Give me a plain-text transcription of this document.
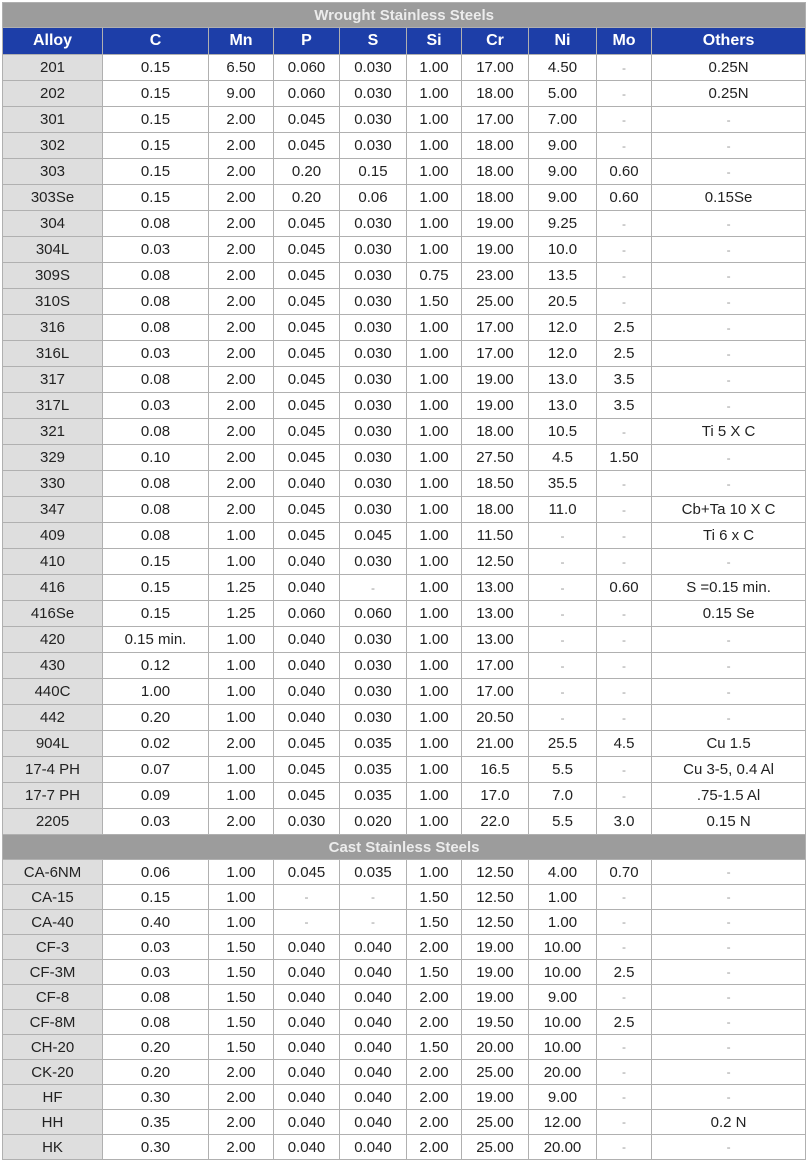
Wrought Stainless Steels									
Alloy	C	Mn	P	S	Si	Cr	Ni	Mo	Others
201	0.15	6.50	0.060	0.030	1.00	17.00	4.50	-	0.25N
202	0.15	9.00	0.060	0.030	1.00	18.00	5.00	-	0.25N
301	0.15	2.00	0.045	0.030	1.00	17.00	7.00	-	-
302	0.15	2.00	0.045	0.030	1.00	18.00	9.00	-	-
303	0.15	2.00	0.20	0.15	1.00	18.00	9.00	0.60	-
303Se	0.15	2.00	0.20	0.06	1.00	18.00	9.00	0.60	0.15Se
304	0.08	2.00	0.045	0.030	1.00	19.00	9.25	-	-
304L	0.03	2.00	0.045	0.030	1.00	19.00	10.0	-	-
309S	0.08	2.00	0.045	0.030	0.75	23.00	13.5	-	-
310S	0.08	2.00	0.045	0.030	1.50	25.00	20.5	-	-
316	0.08	2.00	0.045	0.030	1.00	17.00	12.0	2.5	-
316L	0.03	2.00	0.045	0.030	1.00	17.00	12.0	2.5	-
317	0.08	2.00	0.045	0.030	1.00	19.00	13.0	3.5	-
317L	0.03	2.00	0.045	0.030	1.00	19.00	13.0	3.5	-
321	0.08	2.00	0.045	0.030	1.00	18.00	10.5	-	Ti 5 X C
329	0.10	2.00	0.045	0.030	1.00	27.50	4.5	1.50	-
330	0.08	2.00	0.040	0.030	1.00	18.50	35.5	-	-
347	0.08	2.00	0.045	0.030	1.00	18.00	11.0	-	Cb+Ta 10 X C
409	0.08	1.00	0.045	0.045	1.00	11.50	-	-	Ti 6 x C
410	0.15	1.00	0.040	0.030	1.00	12.50	-	-	-
416	0.15	1.25	0.040	-	1.00	13.00	-	0.60	S =0.15 min.
416Se	0.15	1.25	0.060	0.060	1.00	13.00	-	-	0.15 Se
420	0.15 min.	1.00	0.040	0.030	1.00	13.00	-	-	-
430	0.12	1.00	0.040	0.030	1.00	17.00	-	-	-
440C	1.00	1.00	0.040	0.030	1.00	17.00	-	-	-
442	0.20	1.00	0.040	0.030	1.00	20.50	-	-	-
904L	0.02	2.00	0.045	0.035	1.00	21.00	25.5	4.5	Cu 1.5
17-4 PH	0.07	1.00	0.045	0.035	1.00	16.5	5.5	-	Cu 3-5, 0.4 Al
17-7 PH	0.09	1.00	0.045	0.035	1.00	17.0	7.0	-	.75-1.5 Al
2205	0.03	2.00	0.030	0.020	1.00	22.0	5.5	3.0	0.15 N
Cast Stainless Steels									
CA-6NM	0.06	1.00	0.045	0.035	1.00	12.50	4.00	0.70	-
CA-15	0.15	1.00	-	-	1.50	12.50	1.00	-	-
CA-40	0.40	1.00	-	-	1.50	12.50	1.00	-	-
CF-3	0.03	1.50	0.040	0.040	2.00	19.00	10.00	-	-
CF-3M	0.03	1.50	0.040	0.040	1.50	19.00	10.00	2.5	-
CF-8	0.08	1.50	0.040	0.040	2.00	19.00	9.00	-	-
CF-8M	0.08	1.50	0.040	0.040	2.00	19.50	10.00	2.5	-
CH-20	0.20	1.50	0.040	0.040	1.50	20.00	10.00	-	-
CK-20	0.20	2.00	0.040	0.040	2.00	25.00	20.00	-	-
HF	0.30	2.00	0.040	0.040	2.00	19.00	9.00	-	-
HH	0.35	2.00	0.040	0.040	2.00	25.00	12.00	-	0.2 N
HK	0.30	2.00	0.040	0.040	2.00	25.00	20.00	-	-
